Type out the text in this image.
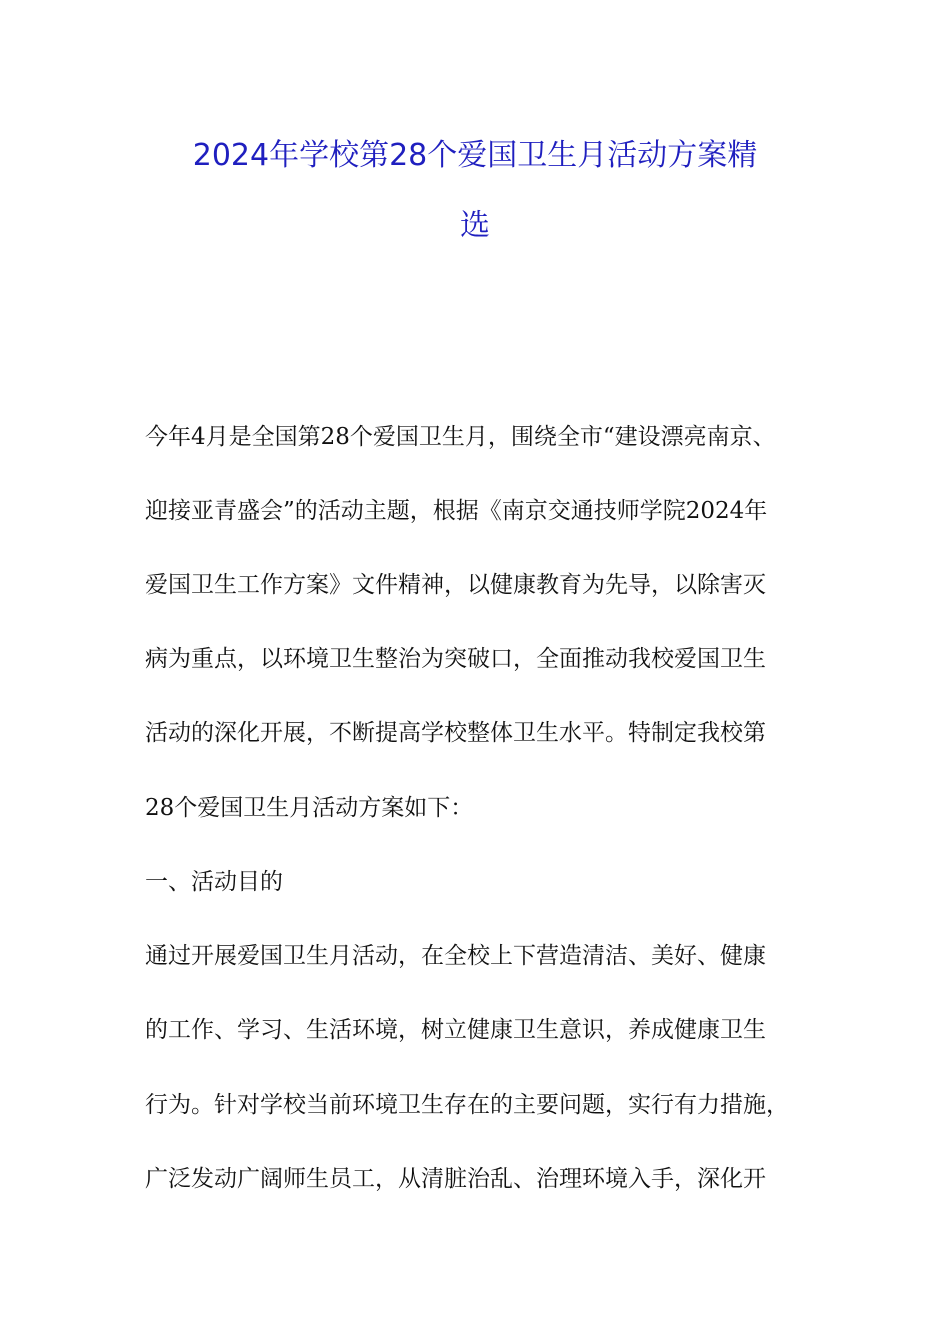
2024年学校第28个爱国卫生月活动方案精
选
今年4月是全国第28个爱国卫生月，围绕全市“建设漂亮南京、
迎接亚青盛会”的活动主题，根据《南京交通技师学院2024年
爱国卫生工作方案》文件精神，以健康教育为先导，以除害灭
病为重点，以环境卫生整治为突破口，全面推动我校爱国卫生
活动的深化开展，不断提高学校整体卫生水平。特制定我校第
28个爱国卫生月活动方案如下：
一、活动目的
通过开展爱国卫生月活动，在全校上下营造清洁、美好、健康
的工作、学习、生活环境，树立健康卫生意识，养成健康卫生
行为。针对学校当前环境卫生存在的主要问题，实行有力措施，
广泛发动广阔师生员工，从清脏治乱、治理环境入手，深化开
